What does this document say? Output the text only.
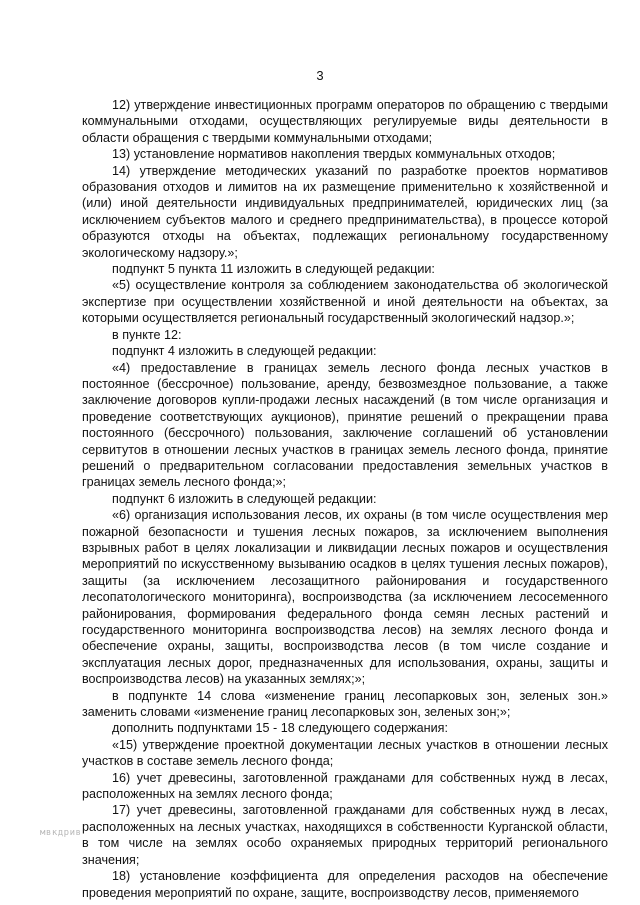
3

12) утверждение инвестиционных программ операторов по обращению с твердыми коммунальными отходами, осуществляющих регулируемые виды деятельности в области обращения с твердыми коммунальными отходами;

13) установление нормативов накопления твердых коммунальных отходов;

14) утверждение методических указаний по разработке проектов нормативов образования отходов и лимитов на их размещение применительно к хозяйственной и (или) иной деятельности индивидуальных предпринимателей, юридических лиц (за исключением субъектов малого и среднего предпринимательства), в процессе которой образуются отходы на объектах, подлежащих региональному государственному экологическому надзору.»;

подпункт 5 пункта 11 изложить в следующей редакции:

«5) осуществление контроля за соблюдением законодательства об экологической экспертизе при осуществлении хозяйственной и иной деятельности на объектах, за которыми осуществляется региональный государственный экологический надзор.»;

в пункте 12:

подпункт 4 изложить в следующей редакции:

«4) предоставление в границах земель лесного фонда лесных участков в постоянное (бессрочное) пользование, аренду, безвозмездное пользование, а также заключение договоров купли-продажи лесных насаждений (в том числе организация и проведение соответствующих аукционов), принятие решений о прекращении права постоянного (бессрочного) пользования, заключение соглашений об установлении сервитутов в отношении лесных участков в границах земель лесного фонда, принятие решений о предварительном согласовании предоставления земельных участков в границах земель лесного фонда;»;

подпункт 6 изложить в следующей редакции:

«6) организация использования лесов, их охраны (в том числе осуществления мер пожарной безопасности и тушения лесных пожаров, за исключением выполнения взрывных работ в целях локализации и ликвидации лесных пожаров и осуществления мероприятий по искусственному вызыванию осадков в целях тушения лесных пожаров), защиты (за исключением лесозащитного районирования и государственного лесопатологического мониторинга), воспроизводства (за исключением лесосеменного районирования, формирования федерального фонда семян лесных растений и государственного мониторинга воспроизводства лесов) на землях лесного фонда и обеспечение охраны, защиты, воспроизводства лесов (в том числе создание и эксплуатация лесных дорог, предназначенных для использования, охраны, защиты и воспроизводства лесов) на указанных землях;»;

в подпункте 14 слова «изменение границ лесопарковых зон, зеленых зон.» заменить словами «изменение границ лесопарковых зон, зеленых зон;»;

дополнить подпунктами 15 - 18 следующего содержания:

«15) утверждение проектной документации лесных участков в отношении лесных участков в составе земель лесного фонда;

16) учет древесины, заготовленной гражданами для собственных нужд в лесах, расположенных на землях лесного фонда;

17) учет древесины, заготовленной гражданами для собственных нужд в лесах, расположенных на лесных участках, находящихся в собственности Курганской области, в том числе на землях особо охраняемых природных территорий регионального значения;

18) установление коэффициента для определения расходов на обеспечение проведения мероприятий по охране, защите, воспроизводству лесов, применяемого

мвкдрив
